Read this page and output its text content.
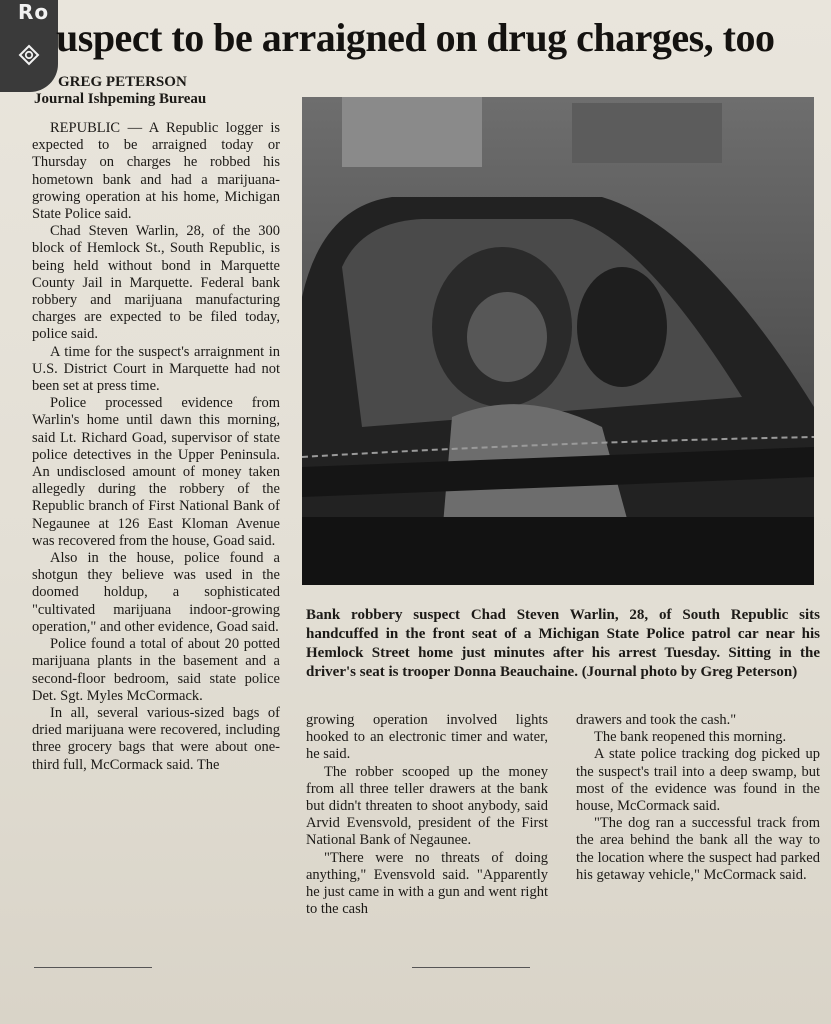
Ro
uspect to be arraigned on drug charges, too
GREG PETERSON
Journal Ishpeming Bureau

REPUBLIC — A Republic logger is expected to be arraigned today or Thursday on charges he robbed his hometown bank and had a marijuana-growing operation at his home, Michigan State Police said.

Chad Steven Warlin, 28, of the 300 block of Hemlock St., South Republic, is being held without bond in Marquette County Jail in Marquette. Federal bank robbery and marijuana manufacturing charges are expected to be filed today, police said.

A time for the suspect's arraignment in U.S. District Court in Marquette had not been set at press time.

Police processed evidence from Warlin's home until dawn this morning, said Lt. Richard Goad, supervisor of state police detectives in the Upper Peninsula. An undisclosed amount of money taken allegedly during the robbery of the Republic branch of First National Bank of Negaunee at 126 East Kloman Avenue was recovered from the house, Goad said.

Also in the house, police found a shotgun they believe was used in the doomed holdup, a sophisticated "cultivated marijuana indoor-growing operation," and other evidence, Goad said.

Police found a total of about 20 potted marijuana plants in the basement and a second-floor bedroom, said state police Det. Sgt. Myles McCormack.

In all, several various-sized bags of dried marijuana were recovered, including three grocery bags that were about one-third full, McCormack said. The

Bank robbery suspect Chad Steven Warlin, 28, of South Republic sits handcuffed in the front seat of a Michigan State Police patrol car near his Hemlock Street home just minutes after his arrest Tuesday. Sitting in the driver's seat is trooper Donna Beauchaine. (Journal photo by Greg Peterson)

growing operation involved lights hooked to an electronic timer and water, he said.

The robber scooped up the money from all three teller drawers at the bank but didn't threaten to shoot anybody, said Arvid Evensvold, president of the First National Bank of Negaunee.

"There were no threats of doing anything," Evensvold said. "Apparently he just came in with a gun and went right to the cash

drawers and took the cash."

The bank reopened this morning.

A state police tracking dog picked up the suspect's trail into a deep swamp, but most of the evidence was found in the house, McCormack said.

"The dog ran a successful track from the area behind the bank all the way to the location where the suspect had parked his getaway vehicle," McCormack said.
